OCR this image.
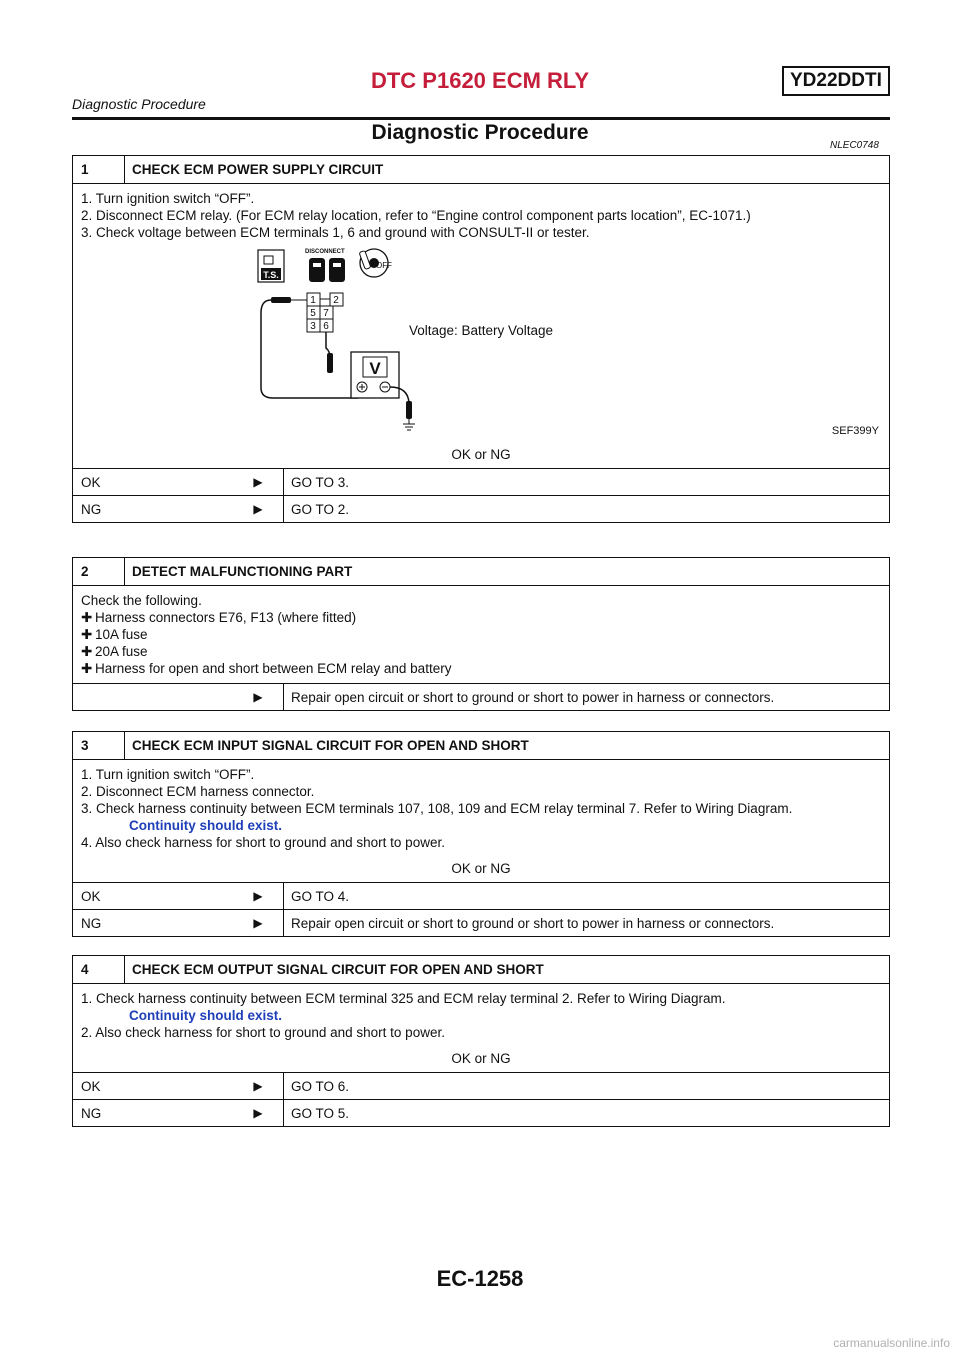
DTC P1620 ECM RLY	YD22DDTI
Diagnostic Procedure
Diagnostic Procedure
NLEC0748
1	CHECK ECM POWER SUPPLY CIRCUIT
1. Turn ignition switch “OFF”.
2. Disconnect ECM relay. (For ECM relay location, refer to “Engine control component parts location”, EC-1071.)
3. Check voltage between ECM terminals 1, 6 and ground with CONSULT-II or tester.
T.S.
DISCONNECT
OFF
1 2
5 7
3 6
V
Voltage: Battery Voltage
SEF399Y
OK or NG
OK	▶	GO TO 3.
NG	▶	GO TO 2.
2	DETECT MALFUNCTIONING PART
Check the following.
✚ Harness connectors E76, F13 (where fitted)
✚ 10A fuse
✚ 20A fuse
✚ Harness for open and short between ECM relay and battery
▶	Repair open circuit or short to ground or short to power in harness or connectors.
3	CHECK ECM INPUT SIGNAL CIRCUIT FOR OPEN AND SHORT
1. Turn ignition switch “OFF”.
2. Disconnect ECM harness connector.
3. Check harness continuity between ECM terminals 107, 108, 109 and ECM relay terminal 7. Refer to Wiring Diagram.
Continuity should exist.
4. Also check harness for short to ground and short to power.
OK or NG
OK	▶	GO TO 4.
NG	▶	Repair open circuit or short to ground or short to power in harness or connectors.
4	CHECK ECM OUTPUT SIGNAL CIRCUIT FOR OPEN AND SHORT
1. Check harness continuity between ECM terminal 325 and ECM relay terminal 2. Refer to Wiring Diagram.
Continuity should exist.
2. Also check harness for short to ground and short to power.
OK or NG
OK	▶	GO TO 6.
NG	▶	GO TO 5.
EC-1258
carmanualsonline.info
